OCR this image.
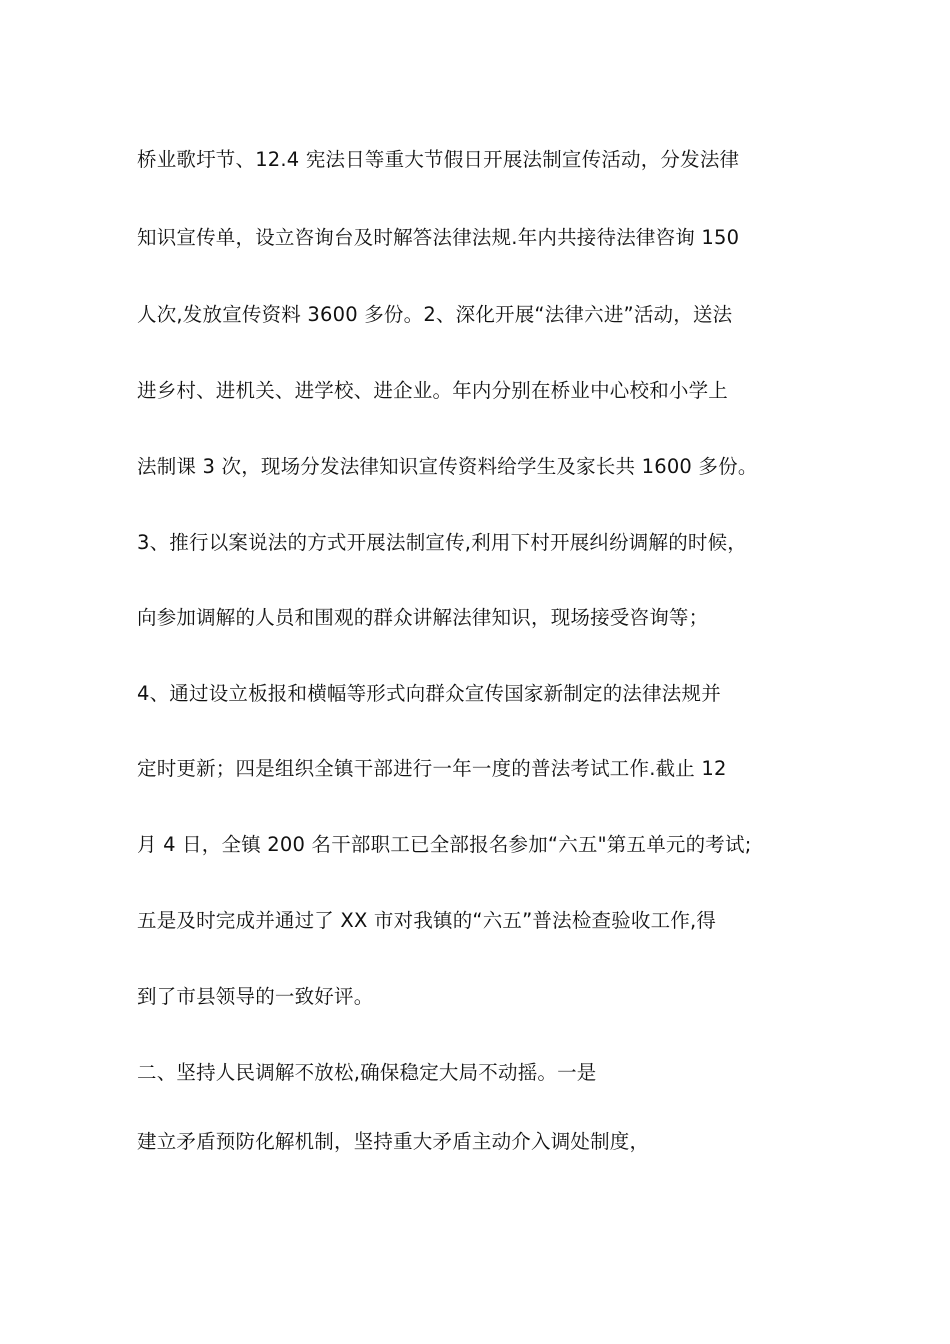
桥业歌圩节、12.4 宪法日等重大节假日开展法制宣传活动，分发法律
知识宣传单，设立咨询台及时解答法律法规.年内共接待法律咨询 150
人次,发放宣传资料 3600 多份。2、深化开展“法律六进”活动，送法
进乡村、进机关、进学校、进企业。年内分别在桥业中心校和小学上
法制课 3 次，现场分发法律知识宣传资料给学生及家长共 1600 多份。
3、推行以案说法的方式开展法制宣传,利用下村开展纠纷调解的时候，
向参加调解的人员和围观的群众讲解法律知识，现场接受咨询等；
4、通过设立板报和横幅等形式向群众宣传国家新制定的法律法规并
定时更新；四是组织全镇干部进行一年一度的普法考试工作.截止 12
月 4 日，全镇 200 名干部职工已全部报名参加“六五"第五单元的考试;
五是及时完成并通过了 XX 市对我镇的“六五”普法检查验收工作,得
到了市县领导的一致好评。
二、坚持人民调解不放松,确保稳定大局不动摇。一是
建立矛盾预防化解机制，坚持重大矛盾主动介入调处制度，
